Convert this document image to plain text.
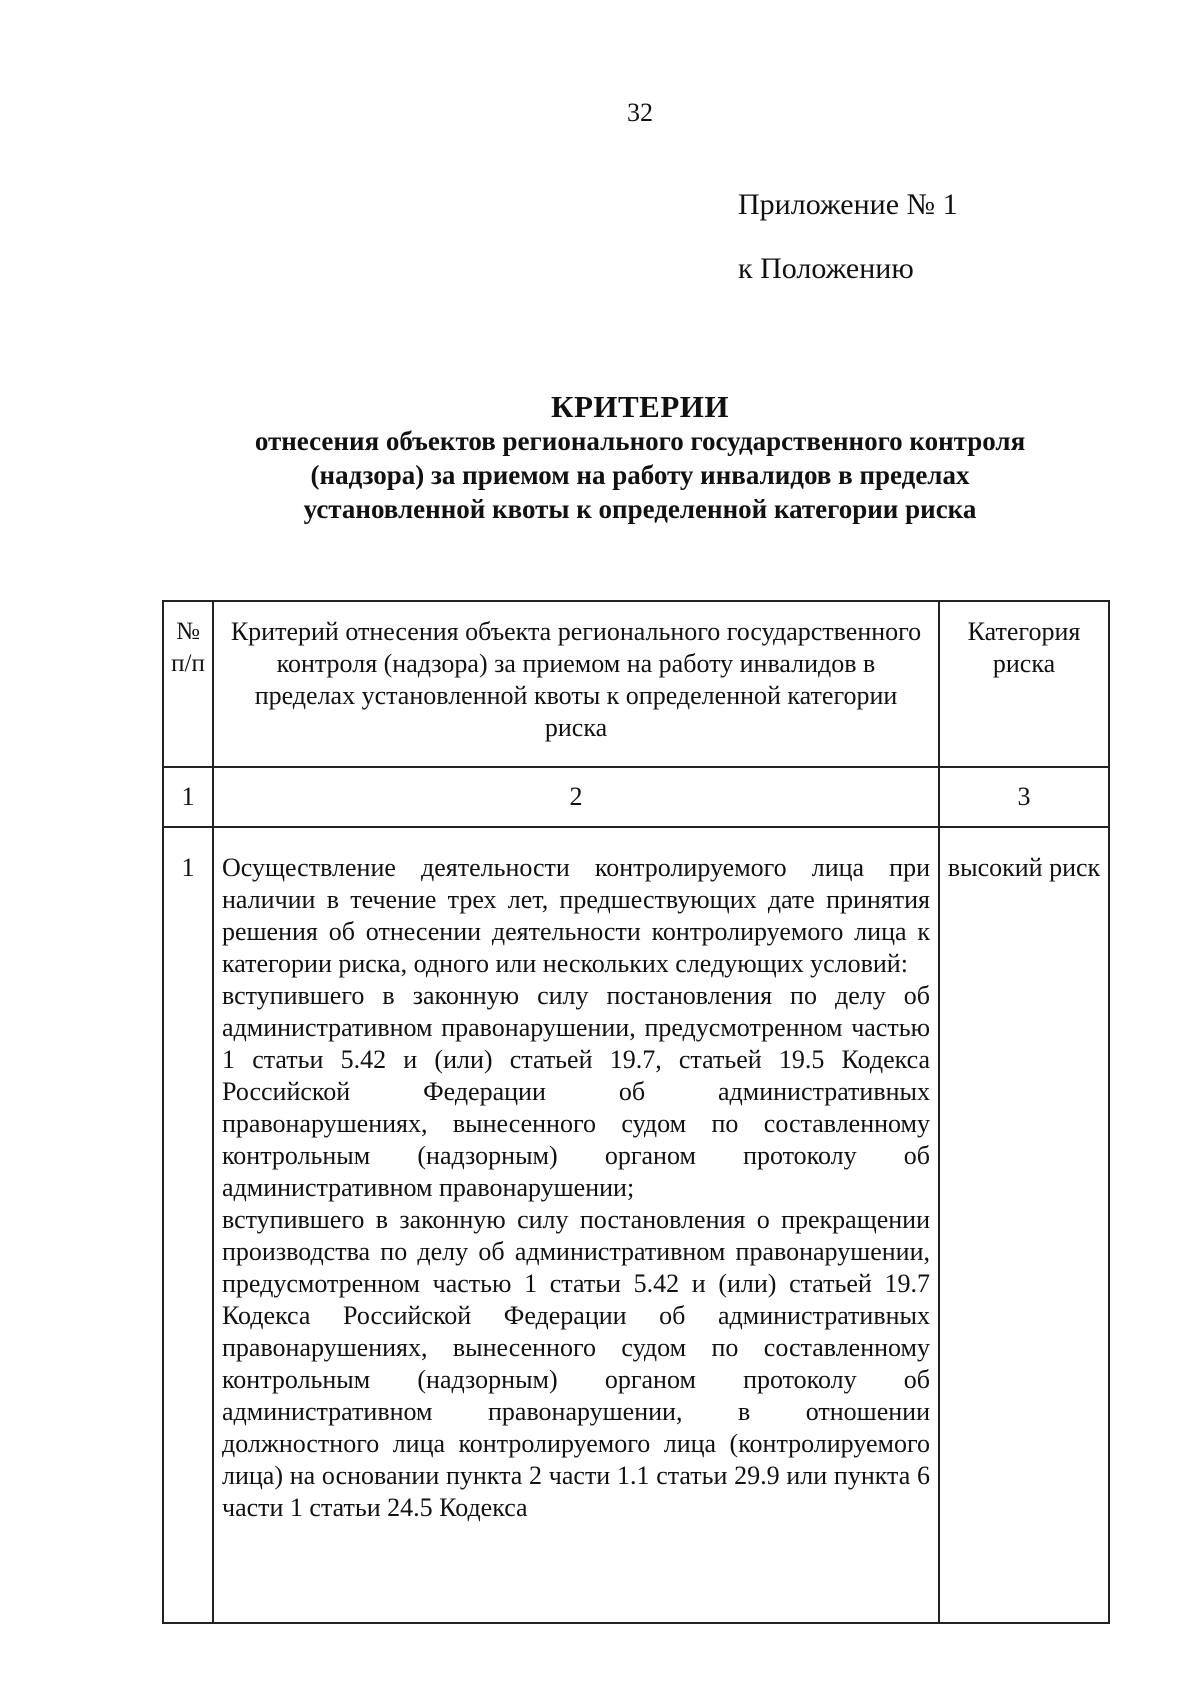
32
Приложение № 1
к Положению
КРИТЕРИИ

отнесения объектов регионального государственного контроля

(надзора) за приемом на работу инвалидов в пределах

установленной квоты к определенной категории риска

№ п/п	Критерий отнесения объекта регионального государственного контроля (надзора) за приемом на работу инвалидов в пределах установленной квоты к определенной категории риска	Категория риска
1	2	3
1	Осуществление деятельности контролируемого лица при наличии в течение трех лет, предшествующих дате принятия решения об отнесении деятельности контролируемого лица к категории риска, одного или нескольких следующих условий:

вступившего в законную силу постановления по делу об административном правонарушении, предусмотренном частью 1 статьи 5.42 и (или) статьей 19.7, статьей 19.5 Кодекса Российской Федерации об административных правонарушениях, вынесенного судом по составленному контрольным (надзорным) органом протоколу об административном правонарушении;

вступившего в законную силу постановления о прекращении производства по делу об административном правонарушении, предусмотренном частью 1 статьи 5.42 и (или) статьей 19.7 Кодекса Российской Федерации об административных правонарушениях, вынесенного судом по составленному контрольным (надзорным) органом протоколу об административном правонарушении, в отношении должностного лица контролируемого лица (контролируемого лица) на основании пункта 2 части 1.1 статьи 29.9 или пункта 6 части 1 статьи 24.5 Кодекса	высокий риск
